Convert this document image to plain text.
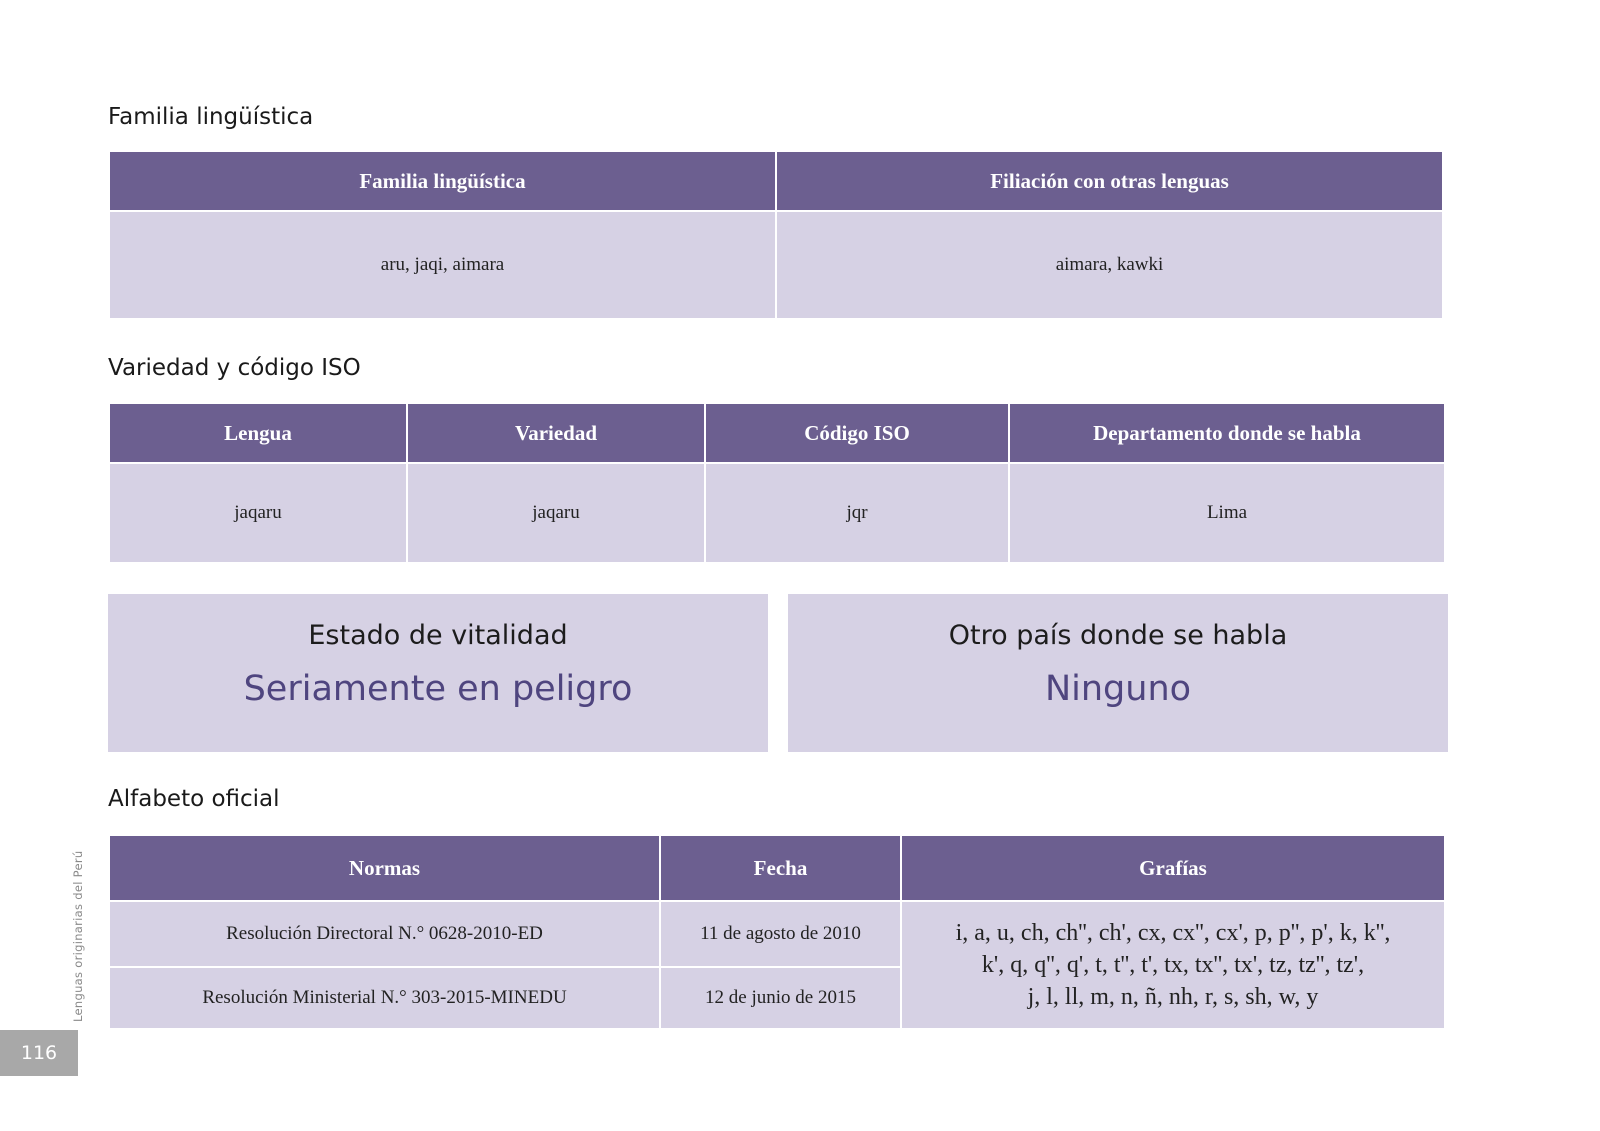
Familia lingüística
Familia lingüística	Filiación con otras lenguas
aru, jaqi, aimara	aimara, kawki
Variedad y código ISO
Lengua	Variedad	Código ISO	Departamento donde se habla
jaqaru	jaqaru	jqr	Lima
Estado de vitalidad
Seriamente en peligro
Otro país donde se habla
Ninguno
Alfabeto oficial
Normas	Fecha	Grafías
Resolución Directoral N.° 0628-2010-ED	11 de agosto de 2010	i, a, u, ch, ch'', ch', cx, cx'', cx', p, p'', p', k, k'',
k', q, q'', q', t, t'', t', tx, tx'', tx', tz, tz'', tz',
j, l, ll, m, n, ñ, nh, r, s, sh, w, y

Resolución Ministerial N.° 303-2015-MINEDU	12 de junio de 2015	
Lenguas originarias del Perú
116
